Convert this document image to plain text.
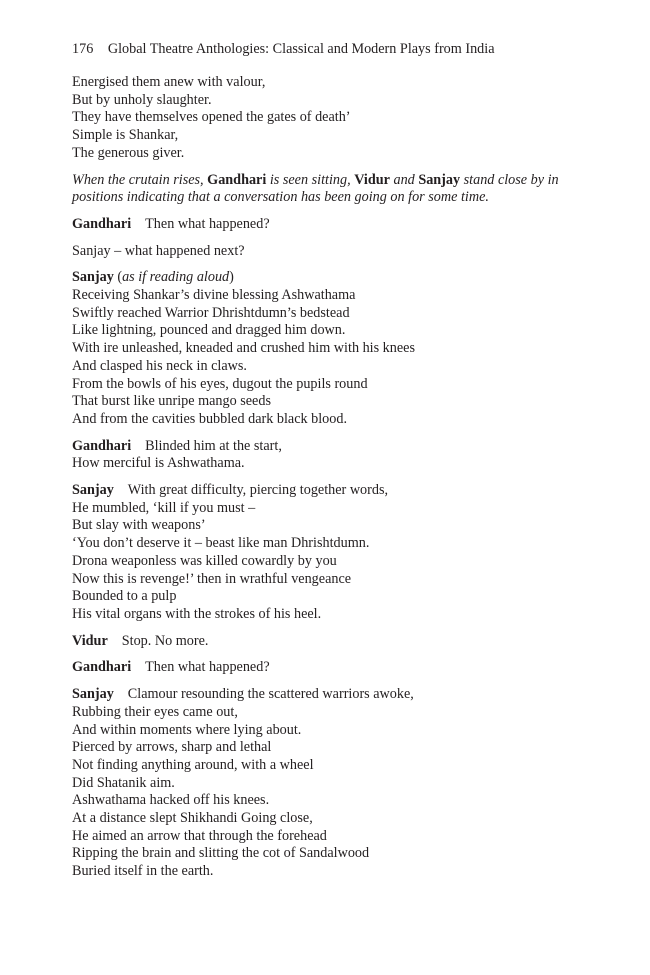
176 Global Theatre Anthologies: Classical and Modern Plays from India
Energised them anew with valour,
But by unholy slaughter.
They have themselves opened the gates of death’
Simple is Shankar,
The generous giver.
When the crutain rises, Gandhari is seen sitting, Vidur and Sanjay stand close by in
positions indicating that a conversation has been going on for some time.
Gandhari Then what happened?
Sanjay – what happened next?
Sanjay (as if reading aloud)
Receiving Shankar’s divine blessing Ashwathama
Swiftly reached Warrior Dhrishtdumn’s bedstead
Like lightning, pounced and dragged him down.
With ire unleashed, kneaded and crushed him with his knees
And clasped his neck in claws.
From the bowls of his eyes, dugout the pupils round
That burst like unripe mango seeds
And from the cavities bubbled dark black blood.
Gandhari Blinded him at the start,
How merciful is Ashwathama.
Sanjay With great difficulty, piercing together words,
He mumbled, ‘kill if you must –
But slay with weapons’
‘You don’t deserve it – beast like man Dhrishtdumn.
Drona weaponless was killed cowardly by you
Now this is revenge!’ then in wrathful vengeance
Bounded to a pulp
His vital organs with the strokes of his heel.
Vidur Stop. No more.
Gandhari Then what happened?
Sanjay Clamour resounding the scattered warriors awoke,
Rubbing their eyes came out,
And within moments where lying about.
Pierced by arrows, sharp and lethal
Not finding anything around, with a wheel
Did Shatanik aim.
Ashwathama hacked off his knees.
At a distance slept Shikhandi Going close,
He aimed an arrow that through the forehead
Ripping the brain and slitting the cot of Sandalwood
Buried itself in the earth.
